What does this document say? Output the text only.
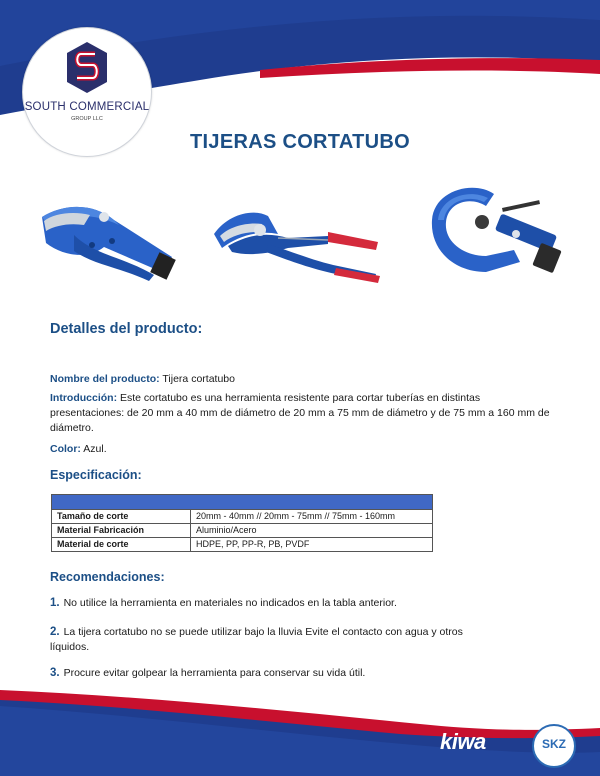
SOUTH COMMERCIAL
GROUP LLC
TIJERAS CORTATUBO
Detalles del producto:
Nombre del producto: Tijera cortatubo
Introducción: Este cortatubo es una herramienta resistente para cortar tuberías en distintas presentaciones: de 20 mm a 40 mm de diámetro de 20 mm a 75 mm de diámetro y de 75 mm a 160 mm de diámetro.
Color: Azul.
Especificación:

Tamaño de corte	20mm - 40mm // 20mm - 75mm // 75mm - 160mm
Material Fabricación	Aluminio/Acero
Material de corte	HDPE, PP, PP-R, PB, PVDF
Recomendaciones:
1. No utilice la herramienta en materiales no indicados en la tabla anterior.
2. La tijera cortatubo no se puede utilizar bajo la lluvia Evite el contacto con agua y otros líquidos.
3. Procure evitar golpear la herramienta para conservar su vida útil.
kiwa	SKZ
